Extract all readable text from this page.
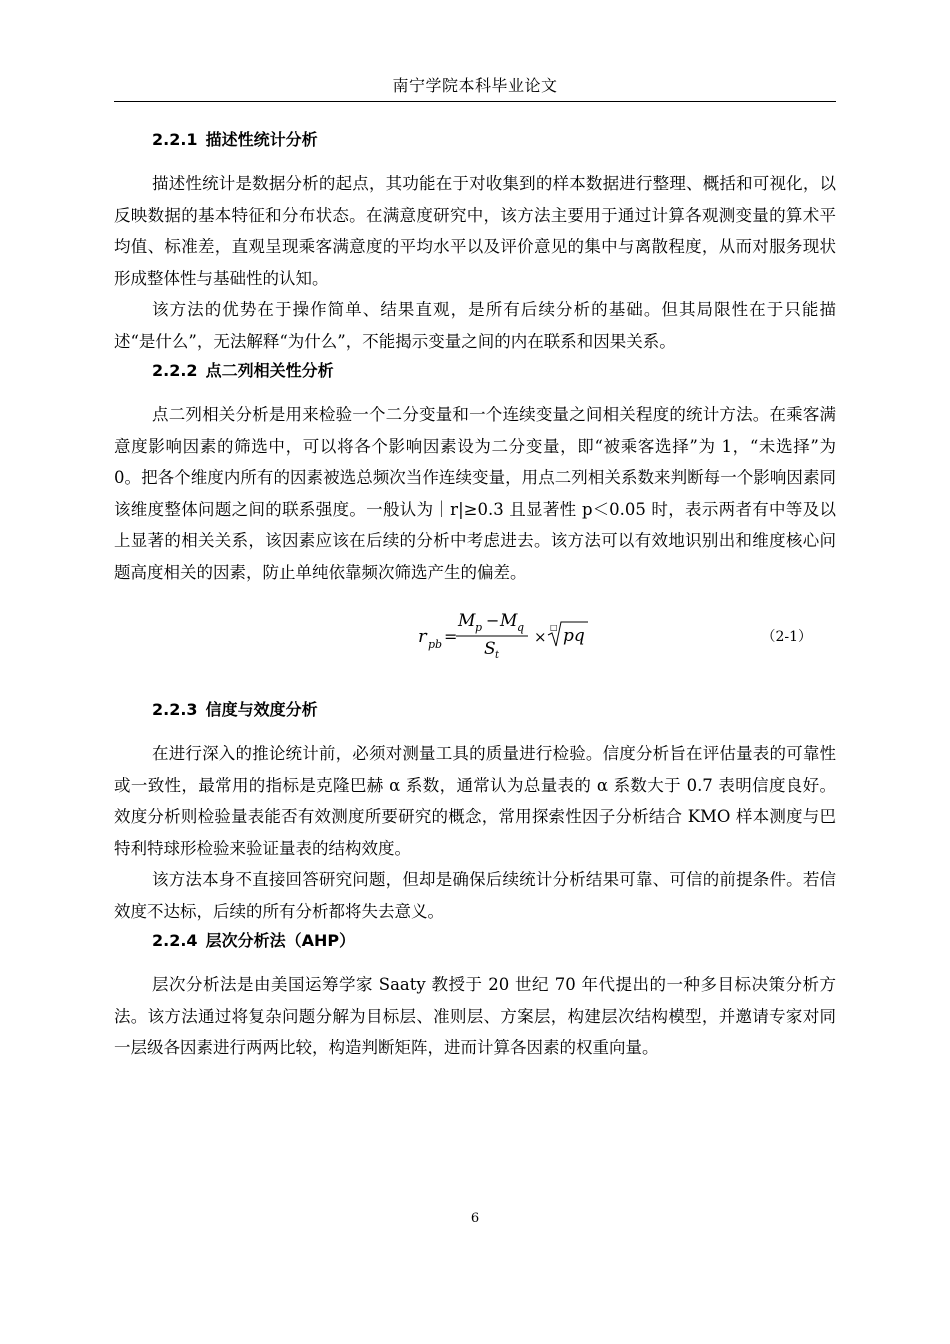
南宁学院本科毕业论文
2.2.1 描述性统计分析

描述性统计是数据分析的起点，其功能在于对收集到的样本数据进行整理、概括和可视化，以反映数据的基本特征和分布状态。在满意度研究中，该方法主要用于通过计算各观测变量的算术平均值、标准差，直观呈现乘客满意度的平均水平以及评价意见的集中与离散程度，从而对服务现状形成整体性与基础性的认知。

该方法的优势在于操作简单、结果直观，是所有后续分析的基础。但其局限性在于只能描述“是什么”，无法解释“为什么”，不能揭示变量之间的内在联系和因果关系。

2.2.2 点二列相关性分析

点二列相关分析是用来检验一个二分变量和一个连续变量之间相关程度的统计方法。在乘客满意度影响因素的筛选中，可以将各个影响因素设为二分变量，即“被乘客选择”为 1，“未选择”为 0。把各个维度内所有的因素被选总频次当作连续变量，用点二列相关系数来判断每一个影响因素同该维度整体问题之间的联系强度。一般认为｜r|≥0.3 且显著性 p＜0.05 时，表示两者有中等及以上显著的相关关系，该因素应该在后续的分析中考虑进去。该方法可以有效地识别出和维度核心问题高度相关的因素，防止单纯依靠频次筛选产生的偏差。

r pb =
M p − M q
S t
×
□ pq	（2-1）
2.2.3 信度与效度分析

在进行深入的推论统计前，必须对测量工具的质量进行检验。信度分析旨在评估量表的可靠性或一致性，最常用的指标是克隆巴赫 α 系数，通常认为总量表的 α 系数大于 0.7 表明信度良好。效度分析则检验量表能否有效测度所要研究的概念，常用探索性因子分析结合 KMO 样本测度与巴特利特球形检验来验证量表的结构效度。

该方法本身不直接回答研究问题，但却是确保后续统计分析结果可靠、可信的前提条件。若信效度不达标，后续的所有分析都将失去意义。

2.2.4 层次分析法（AHP）

层次分析法是由美国运筹学家 Saaty 教授于 20 世纪 70 年代提出的一种多目标决策分析方法。该方法通过将复杂问题分解为目标层、准则层、方案层，构建层次结构模型，并邀请专家对同一层级各因素进行两两比较，构造判断矩阵，进而计算各因素的权重向量。

6
